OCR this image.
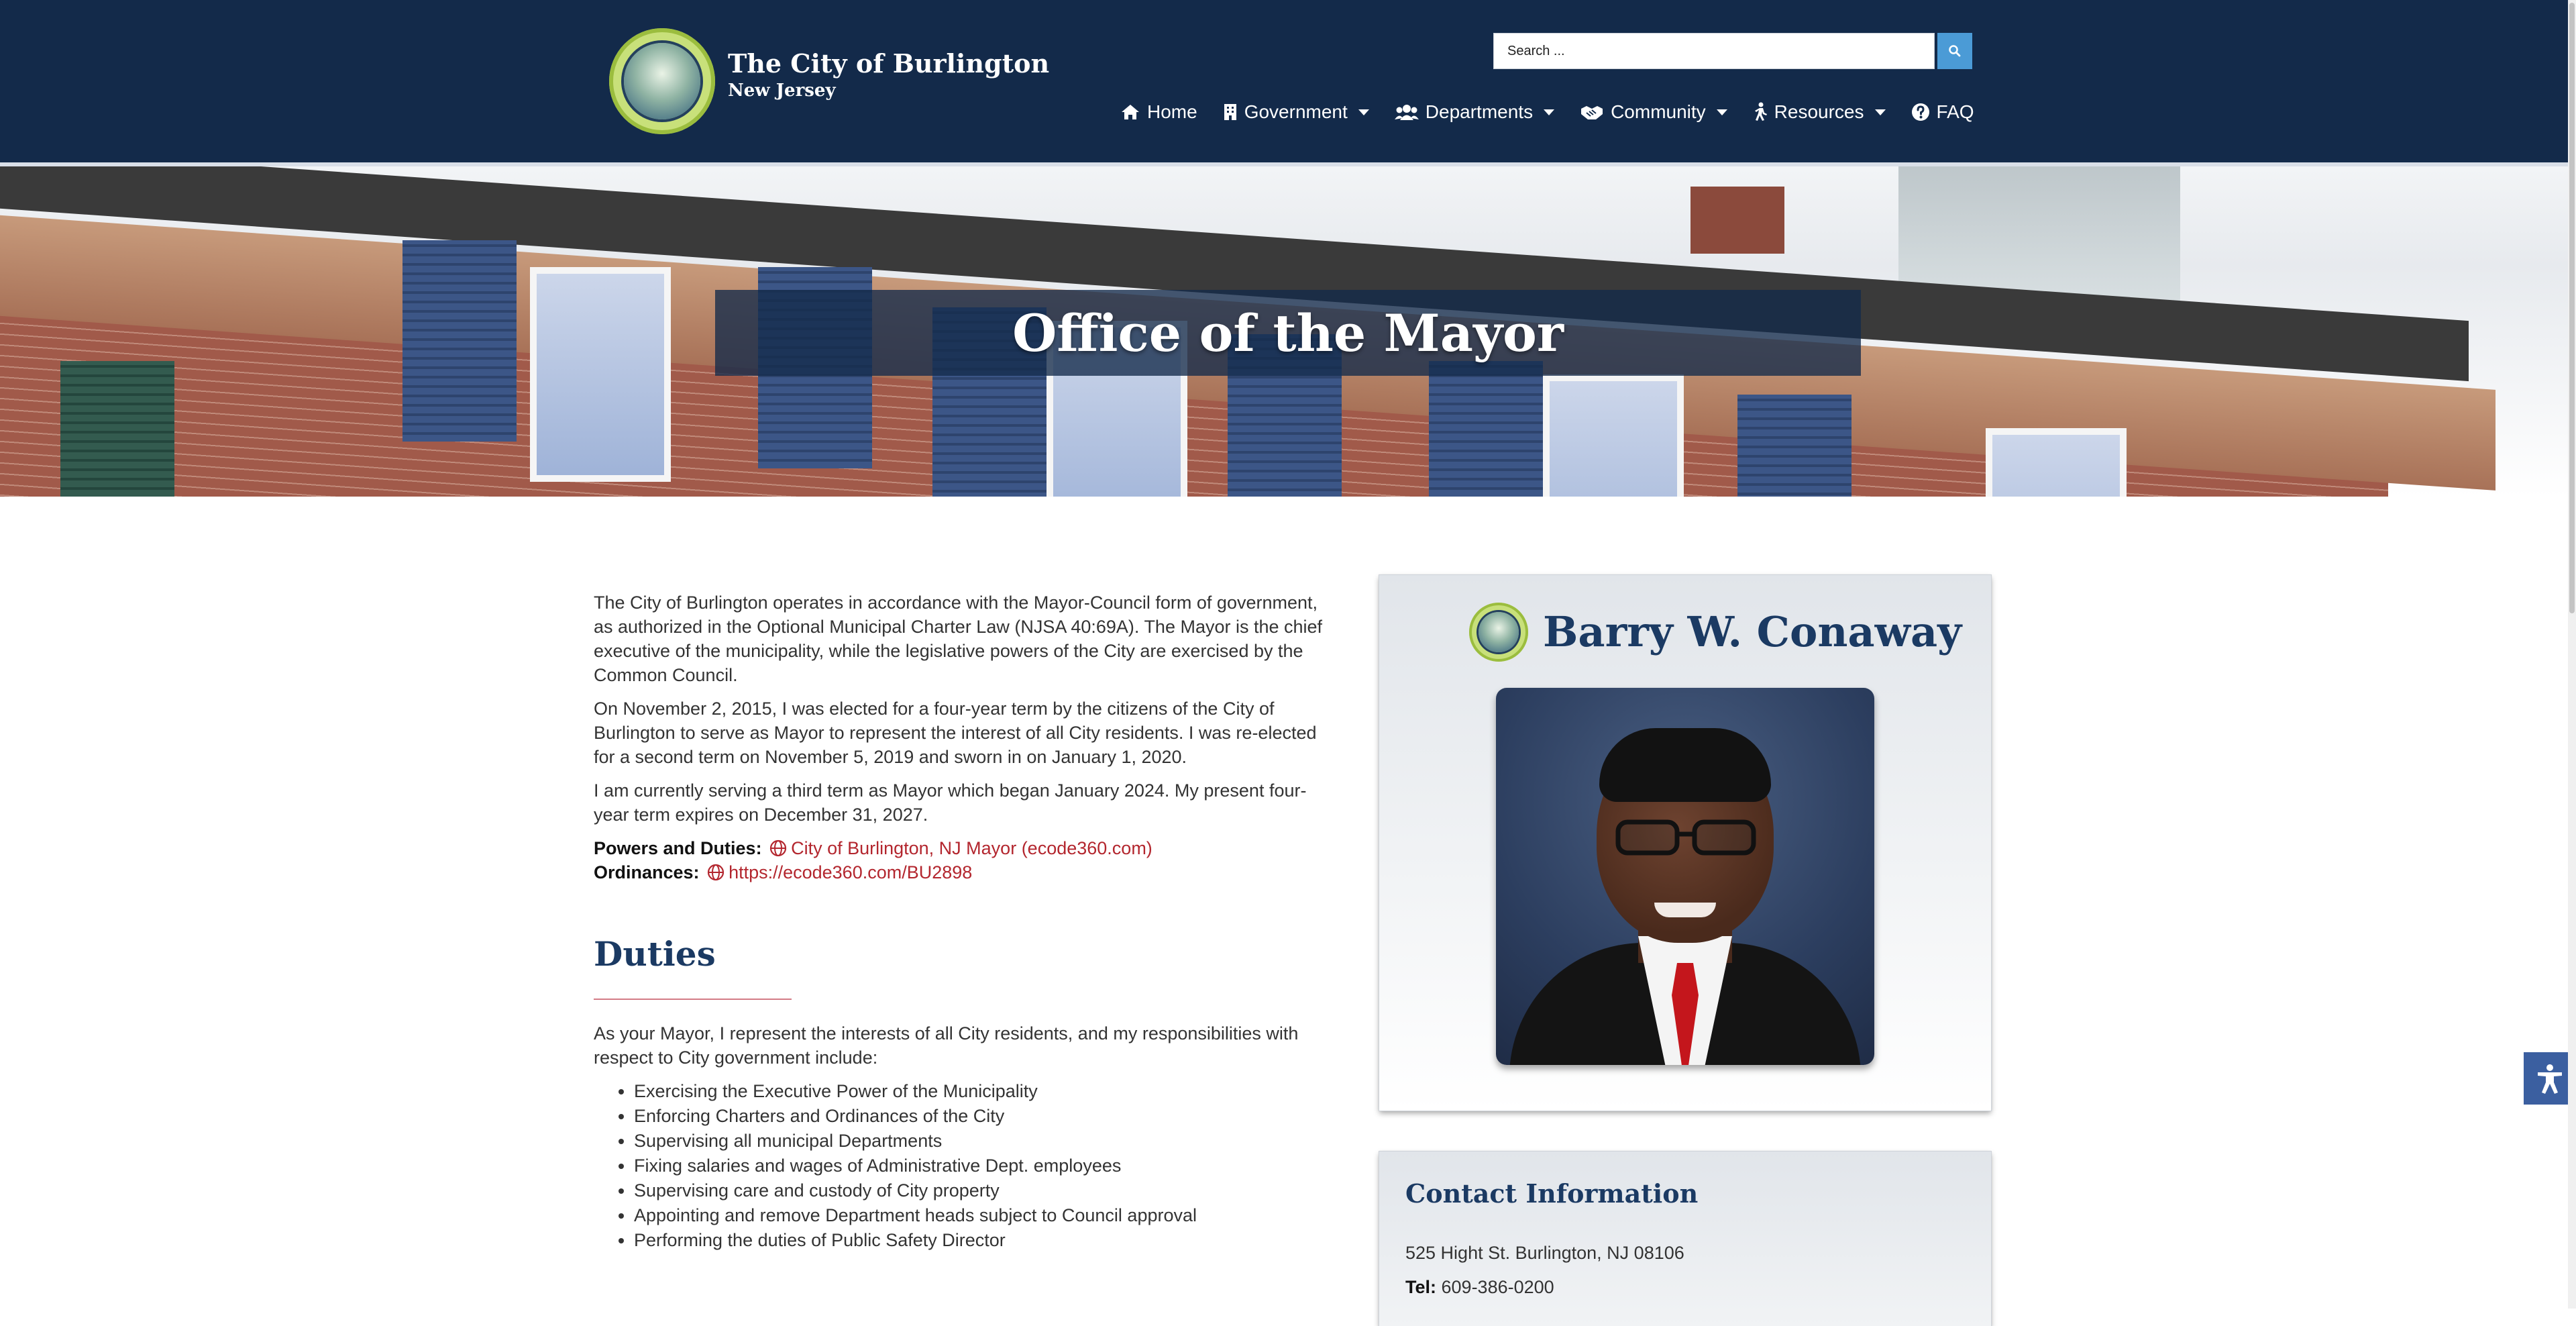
The City of Burlington
New Jersey
Search ...
Home	Government	Departments	Community	Resources	FAQ
Office of the Mayor

The City of Burlington operates in accordance with the Mayor-Council form of government, as authorized in the Optional Municipal Charter Law (NJSA 40:69A). The Mayor is the chief executive of the municipality, while the legislative powers of the City are exercised by the Common Council.

On November 2, 2015, I was elected for a four-year term by the citizens of the City of Burlington to serve as Mayor to represent the interest of all City residents. I was re-elected for a second term on November 5, 2019 and sworn in on January 1, 2020.

I am currently serving a third term as Mayor which began January 2024. My present four-year term expires on December 31, 2027.

Powers and Duties: City of Burlington, NJ Mayor (ecode360.com)
Ordinances: https://ecode360.com/BU2898
Duties
As your Mayor, I represent the interests of all City residents, and my responsibilities with respect to City government include:
• Exercising the Executive Power of the Municipality
• Enforcing Charters and Ordinances of the City
• Supervising all municipal Departments
• Fixing salaries and wages of Administrative Dept. employees
• Supervising care and custody of City property
• Appointing and remove Department heads subject to Council approval
• Performing the duties of Public Safety Director
Barry W. Conaway
Contact Information
525 Hight St. Burlington, NJ 08106
Tel: 609-386-0200
